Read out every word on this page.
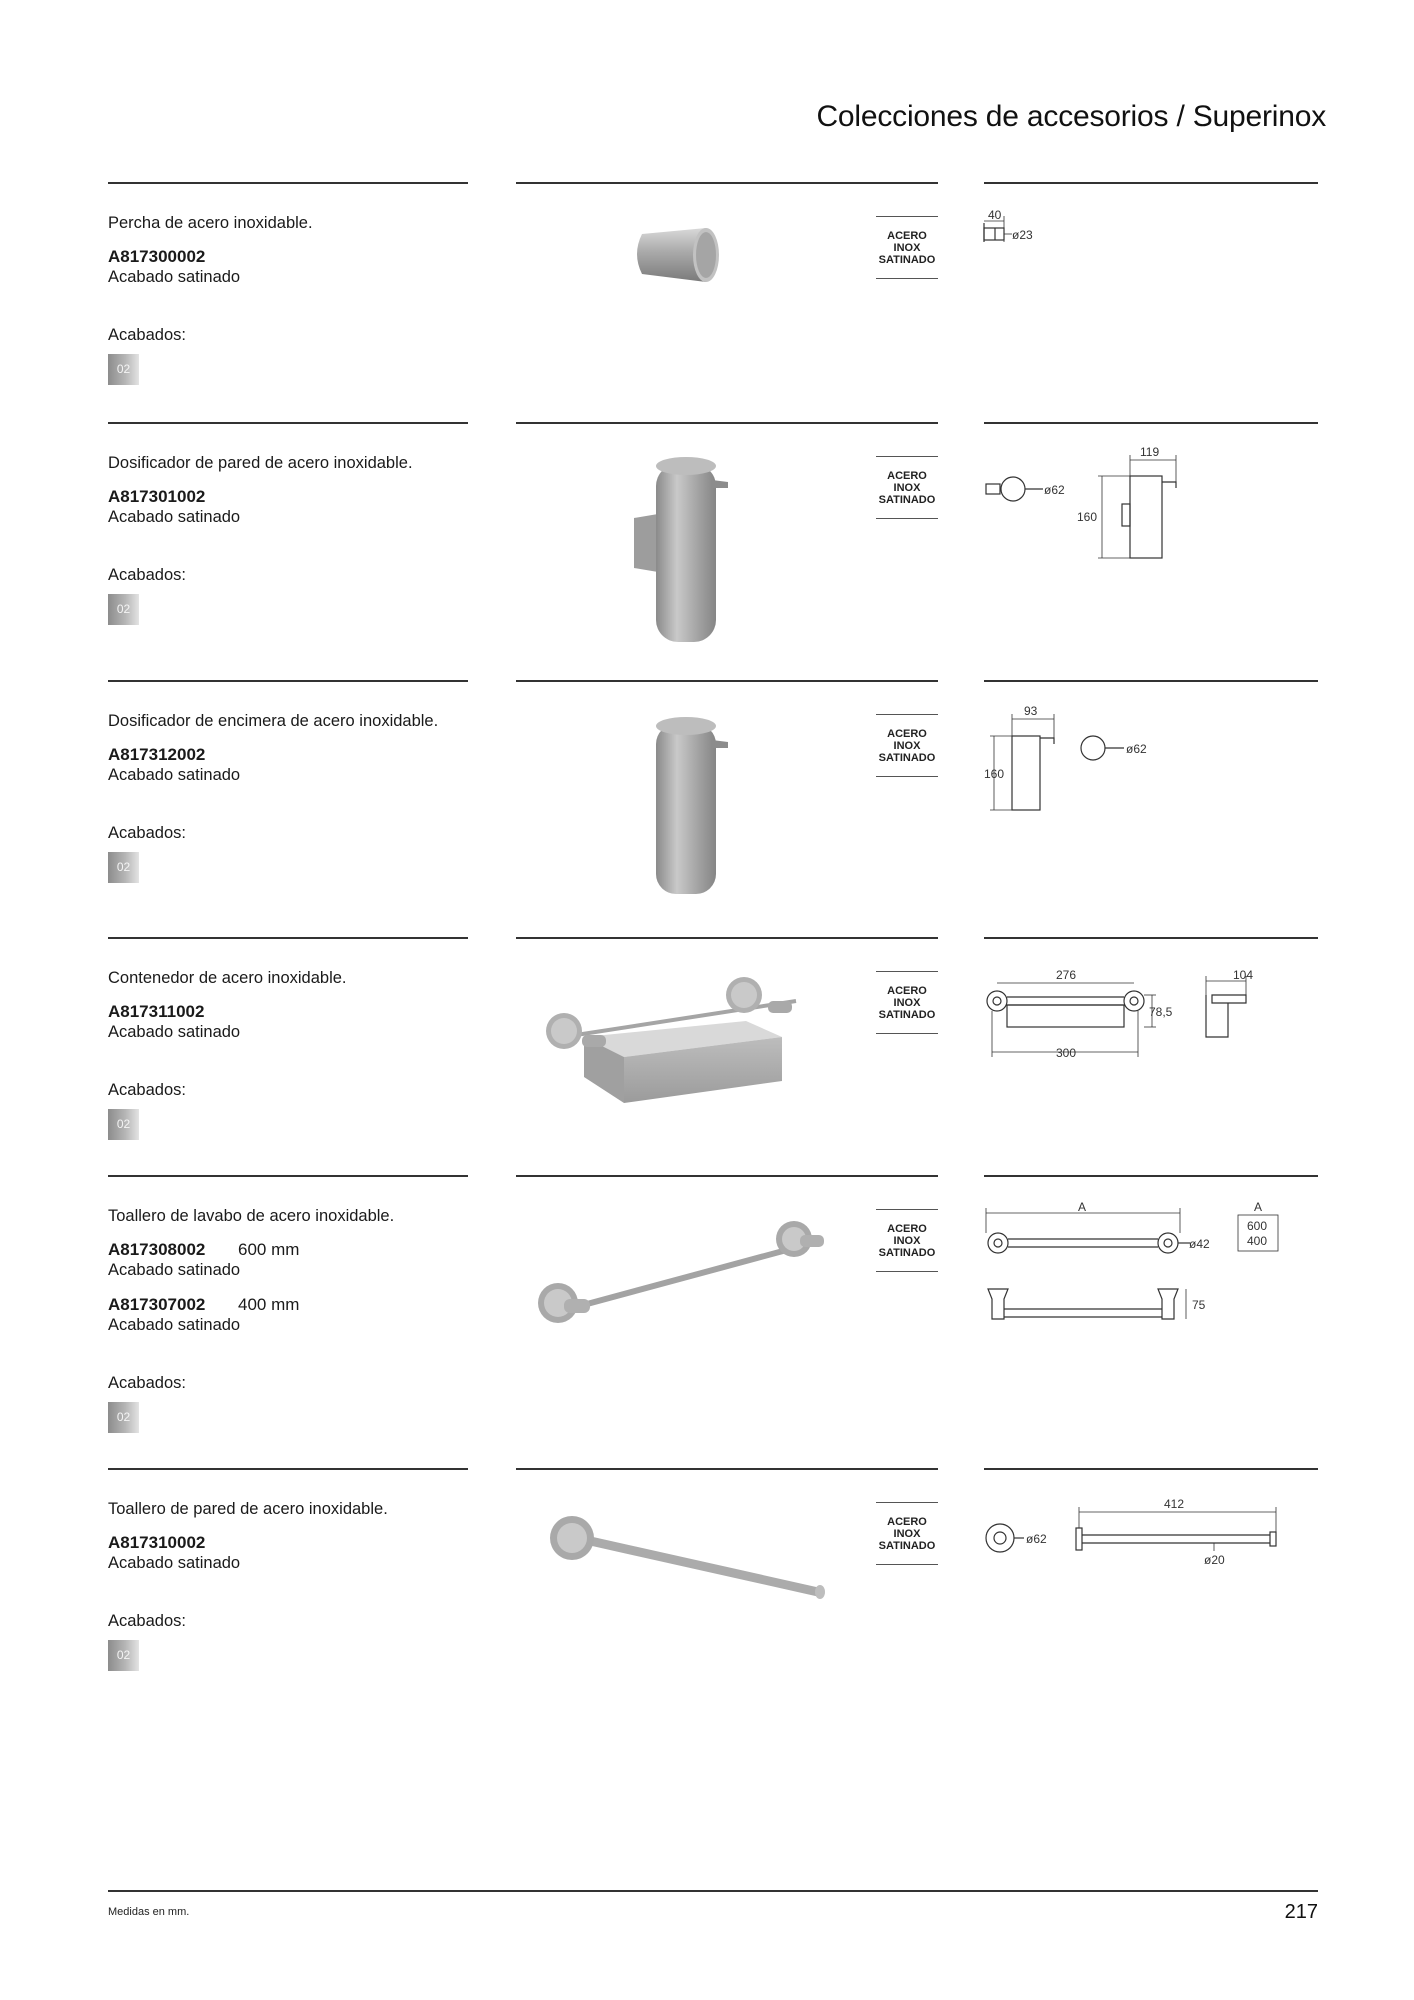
Colecciones de accesorios / Superinox
Percha de acero inoxidable.
A817300002
Acabado satinado
Acabados:
02
ACERO
INOX
SATINADO
40
ø23
Dosificador de pared de acero inoxidable.
A817301002
Acabado satinado
Acabados:
02
ACERO
INOX
SATINADO
ø62
119
160
Dosificador de encimera de acero inoxidable.
A817312002
Acabado satinado
Acabados:
02
ACERO
INOX
SATINADO
93
160
ø62
Contenedor de acero inoxidable.
A817311002
Acabado satinado
Acabados:
02
ACERO
INOX
SATINADO
276
78,5
300
104
Toallero de lavabo de acero inoxidable.
A817308002 600 mm
Acabado satinado
A817307002 400 mm
Acabado satinado
Acabados:
02
ACERO
INOX
SATINADO
A
ø42
75
A
600
400
Toallero de pared de acero inoxidable.
A817310002
Acabado satinado
Acabados:
02
ACERO
INOX
SATINADO	ø62
412
ø20
Medidas en mm.	217
